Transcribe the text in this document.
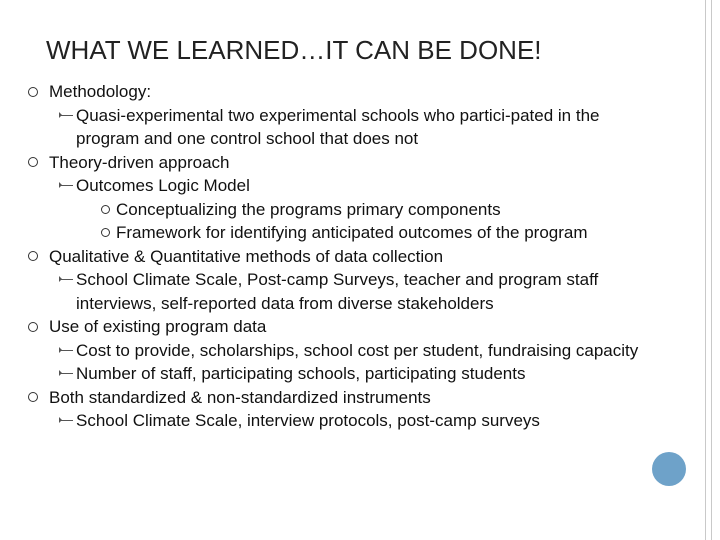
WHAT WE LEARNED…IT CAN BE DONE!
Methodology:
Quasi-experimental two experimental schools who partici-pated in the program and one control school that does not
Theory-driven approach
Outcomes Logic Model
Conceptualizing the programs primary components
Framework for identifying anticipated outcomes of the program
Qualitative & Quantitative methods of data collection
School Climate Scale, Post-camp Surveys, teacher and program staff interviews, self-reported data from diverse stakeholders
Use of existing program data
Cost to provide, scholarships, school cost per student, fundraising capacity
Number of staff, participating schools, participating students
Both standardized & non-standardized instruments
School Climate Scale, interview protocols, post-camp surveys
